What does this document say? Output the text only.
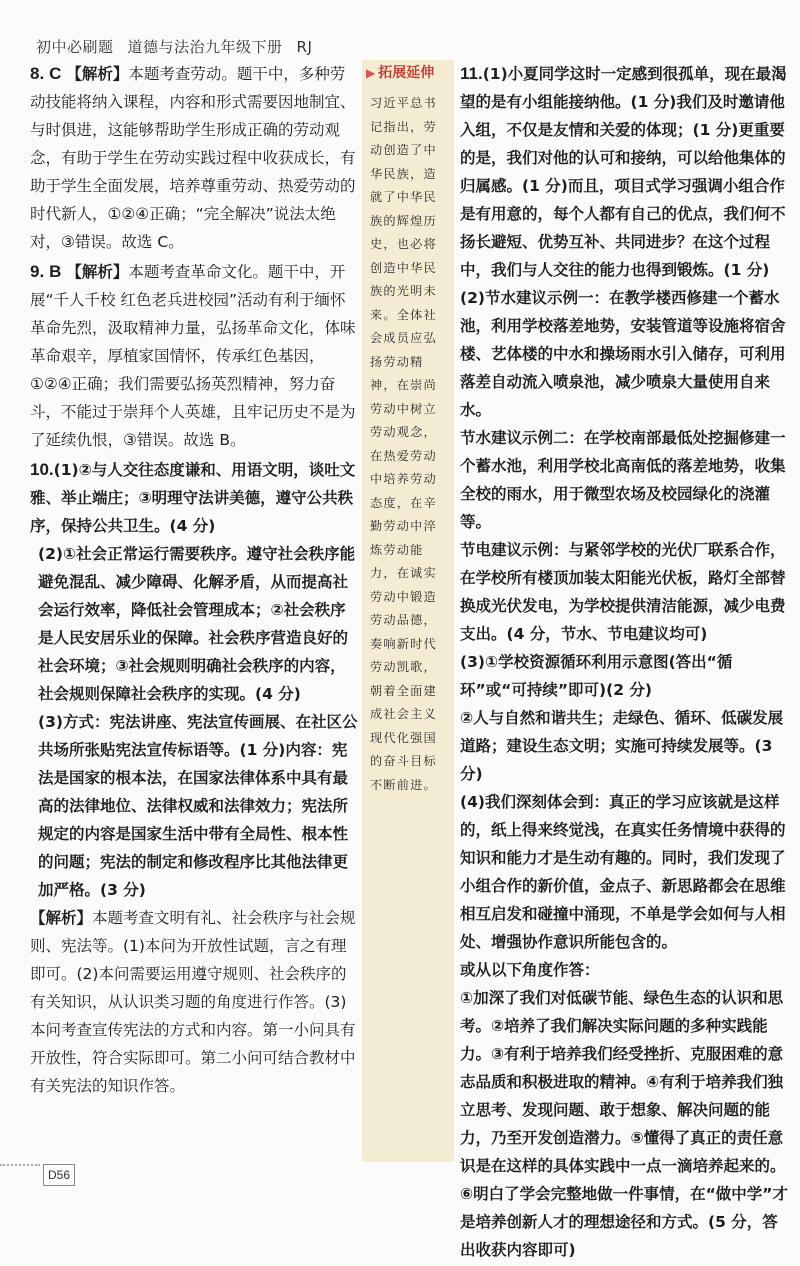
初中必刷题 道德与法治九年级下册 RJ

8. C 【解析】本题考查劳动。题干中，多种劳动技能将纳入课程，内容和形式需要因地制宜、与时俱进，这能够帮助学生形成正确的劳动观念，有助于学生在劳动实践过程中收获成长，有助于学生全面发展，培养尊重劳动、热爱劳动的时代新人，①②④正确；“完全解决”说法太绝对，③错误。故选 C。

9. B 【解析】本题考查革命文化。题干中，开展“千人千校 红色老兵进校园”活动有利于缅怀革命先烈，汲取精神力量，弘扬革命文化，体味革命艰辛，厚植家国情怀，传承红色基因，①②④正确；我们需要弘扬英烈精神，努力奋斗，不能过于崇拜个人英雄，且牢记历史不是为了延续仇恨，③错误。故选 B。

10.(1)②与人交往态度谦和、用语文明，谈吐文雅、举止端庄；③明理守法讲美德，遵守公共秩序，保持公共卫生。(4 分)

(2)①社会正常运行需要秩序。遵守社会秩序能避免混乱、减少障碍、化解矛盾，从而提高社会运行效率，降低社会管理成本；②社会秩序是人民安居乐业的保障。社会秩序营造良好的社会环境；③社会规则明确社会秩序的内容，社会规则保障社会秩序的实现。(4 分)

(3)方式：宪法讲座、宪法宣传画展、在社区公共场所张贴宪法宣传标语等。(1 分)内容：宪法是国家的根本法，在国家法律体系中具有最高的法律地位、法律权威和法律效力；宪法所规定的内容是国家生活中带有全局性、根本性的问题；宪法的制定和修改程序比其他法律更加严格。(3 分)

【解析】本题考查文明有礼、社会秩序与社会规则、宪法等。(1)本问为开放性试题，言之有理即可。(2)本问需要运用遵守规则、社会秩序的有关知识，从认识类习题的角度进行作答。(3)本问考查宣传宪法的方式和内容。第一小问具有开放性，符合实际即可。第二小问可结合教材中有关宪法的知识作答。

▶ 拓展延伸

习近平总书记指出，劳动创造了中华民族，造就了中华民族的辉煌历史，也必将创造中华民族的光明未来。全体社会成员应弘扬劳动精神，在崇尚劳动中树立劳动观念，在热爱劳动中培养劳动态度，在辛勤劳动中淬炼劳动能力，在诚实劳动中锻造劳动品德，奏响新时代劳动凯歌，朝着全面建成社会主义现代化强国的奋斗目标不断前进。

11.(1)小夏同学这时一定感到很孤单，现在最渴望的是有小组能接纳他。(1 分)我们及时邀请他入组，不仅是友情和关爱的体现；(1 分)更重要的是，我们对他的认可和接纳，可以给他集体的归属感。(1 分)而且，项目式学习强调小组合作是有用意的，每个人都有自己的优点，我们何不扬长避短、优势互补、共同进步？在这个过程中，我们与人交往的能力也得到锻炼。(1 分)

(2)节水建议示例一：在教学楼西修建一个蓄水池，利用学校落差地势，安装管道等设施将宿舍楼、艺体楼的中水和操场雨水引入储存，可利用落差自动流入喷泉池，减少喷泉大量使用自来水。

节水建议示例二：在学校南部最低处挖掘修建一个蓄水池，利用学校北高南低的落差地势，收集全校的雨水，用于微型农场及校园绿化的浇灌等。

节电建议示例：与紧邻学校的光伏厂联系合作，在学校所有楼顶加装太阳能光伏板，路灯全部替换成光伏发电，为学校提供清洁能源，减少电费支出。(4 分，节水、节电建议均可)

(3)①学校资源循环利用示意图(答出“循环”或“可持续”即可)(2 分)

②人与自然和谐共生；走绿色、循环、低碳发展道路；建设生态文明；实施可持续发展等。(3 分)

(4)我们深刻体会到：真正的学习应该就是这样的，纸上得来终觉浅，在真实任务情境中获得的知识和能力才是生动有趣的。同时，我们发现了小组合作的新价值，金点子、新思路都会在思维相互启发和碰撞中涌现，不单是学会如何与人相处、增强协作意识所能包含的。

或从以下角度作答：

①加深了我们对低碳节能、绿色生态的认识和思考。②培养了我们解决实际问题的多种实践能力。③有利于培养我们经受挫折、克服困难的意志品质和积极进取的精神。④有利于培养我们独立思考、发现问题、敢于想象、解决问题的能力，乃至开发创造潜力。⑤懂得了真正的责任意识是在这样的具体实践中一点一滴培养起来的。⑥明白了学会完整地做一件事情，在“做中学”才是培养创新人才的理想途径和方式。(5 分，答出收获内容即可)

D56
